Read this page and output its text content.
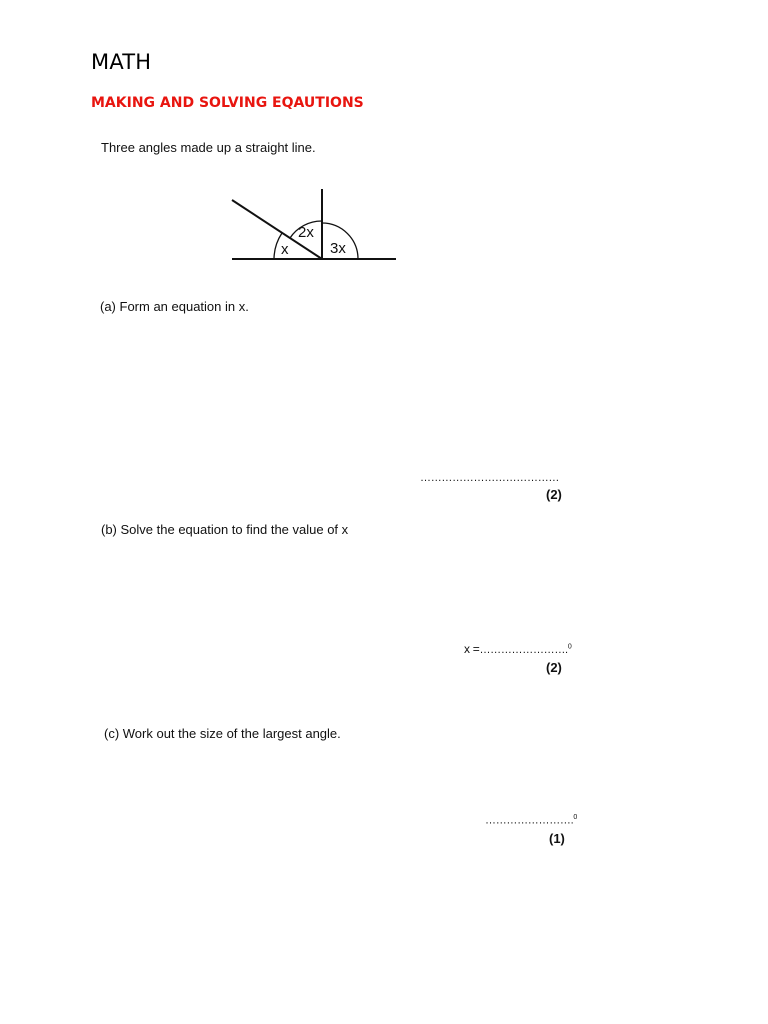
MATH
MAKING AND SOLVING EQAUTIONS
Three angles made up a straight line.
x
2x
3x
(a) Form an equation in x.
…………………………………
(2)
(b) Solve the equation to find the value of x
x =…………………….$^0$
(2)
(c) Work out the size of the largest angle.
…………………….$^0$
(1)
